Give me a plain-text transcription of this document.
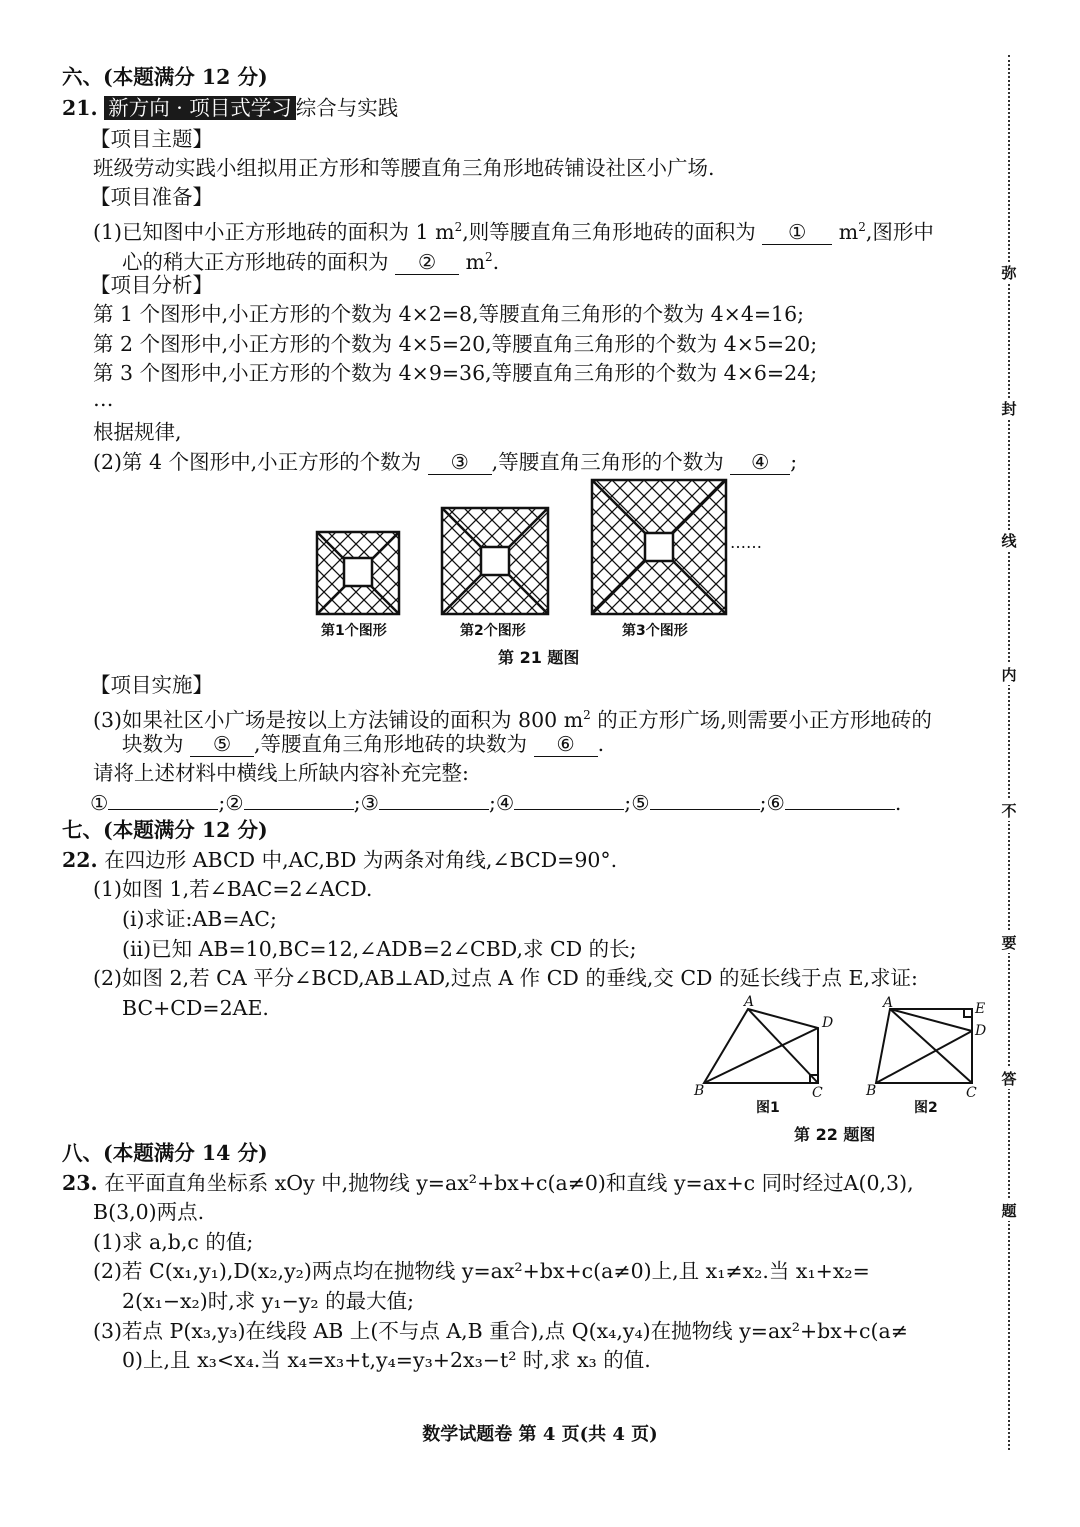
六、(本题满分 12 分)
21. 新方向 · 项目式学习 综合与实践
【项目主题】
班级劳动实践小组拟用正方形和等腰直角三角形地砖铺设社区小广场.
【项目准备】
(1)已知图中小正方形地砖的面积为 1 $m^2$,则等腰直角三角形地砖的面积为 ① $m^2$,图形中
心的稍大正方形地砖的面积为 ② $m^2$.
【项目分析】
第 1 个图形中,小正方形的个数为 4×2=8,等腰直角三角形的个数为 4×4=16;
第 2 个图形中,小正方形的个数为 4×5=20,等腰直角三角形的个数为 4×5=20;
第 3 个图形中,小正方形的个数为 4×9=36,等腰直角三角形的个数为 4×6=24;
…
根据规律,
(2)第 4 个图形中,小正方形的个数为 ③ ,等腰直角三角形的个数为 ④ ;
……
第1个图形	第2个图形	第3个图形
第 21 题图
【项目实施】
(3)如果社区小广场是按以上方法铺设的面积为 800 $m^2$ 的正方形广场,则需要小正方形地砖的
块数为 ⑤ ,等腰直角三角形地砖的块数为 ⑥ .
请将上述材料中横线上所缺内容补充完整:
①	;②	;③	;④	;⑤	;⑥	.
七、(本题满分 12 分)
22. 在四边形 ABCD 中,AC,BD 为两条对角线,∠BCD=90°.
(1)如图 1,若∠BAC=2∠ACD.
(i)求证:AB=AC;
(ii)已知 AB=10,BC=12,∠ADB=2∠CBD,求 CD 的长;
(2)如图 2,若 CA 平分∠BCD,AB⊥AD,过点 A 作 CD 的垂线,交 CD 的延长线于点 E,求证:
BC+CD=2AE.	A
D
B	C
A	E
D
B	C
图1	图2
第 22 题图
八、(本题满分 14 分)
23. 在平面直角坐标系 xOy 中,抛物线 y=ax²+bx+c(a≠0)和直线 y=ax+c 同时经过A(0,3),
B(3,0)两点.
(1)求 a,b,c 的值;
(2)若 C(x₁,y₁),D(x₂,y₂)两点均在抛物线 y=ax²+bx+c(a≠0)上,且 x₁≠x₂.当 x₁+x₂=
2(x₁−x₂)时,求 y₁−y₂ 的最大值;
(3)若点 P(x₃,y₃)在线段 AB 上(不与点 A,B 重合),点 Q(x₄,y₄)在抛物线 y=ax²+bx+c(a≠
0)上,且 x₃<x₄.当 x₄=x₃+t,y₄=y₃+2x₃−t² 时,求 x₃ 的值.
数学试题卷 第 4 页(共 4 页)
弥
封
线
内
不
要
答
题
